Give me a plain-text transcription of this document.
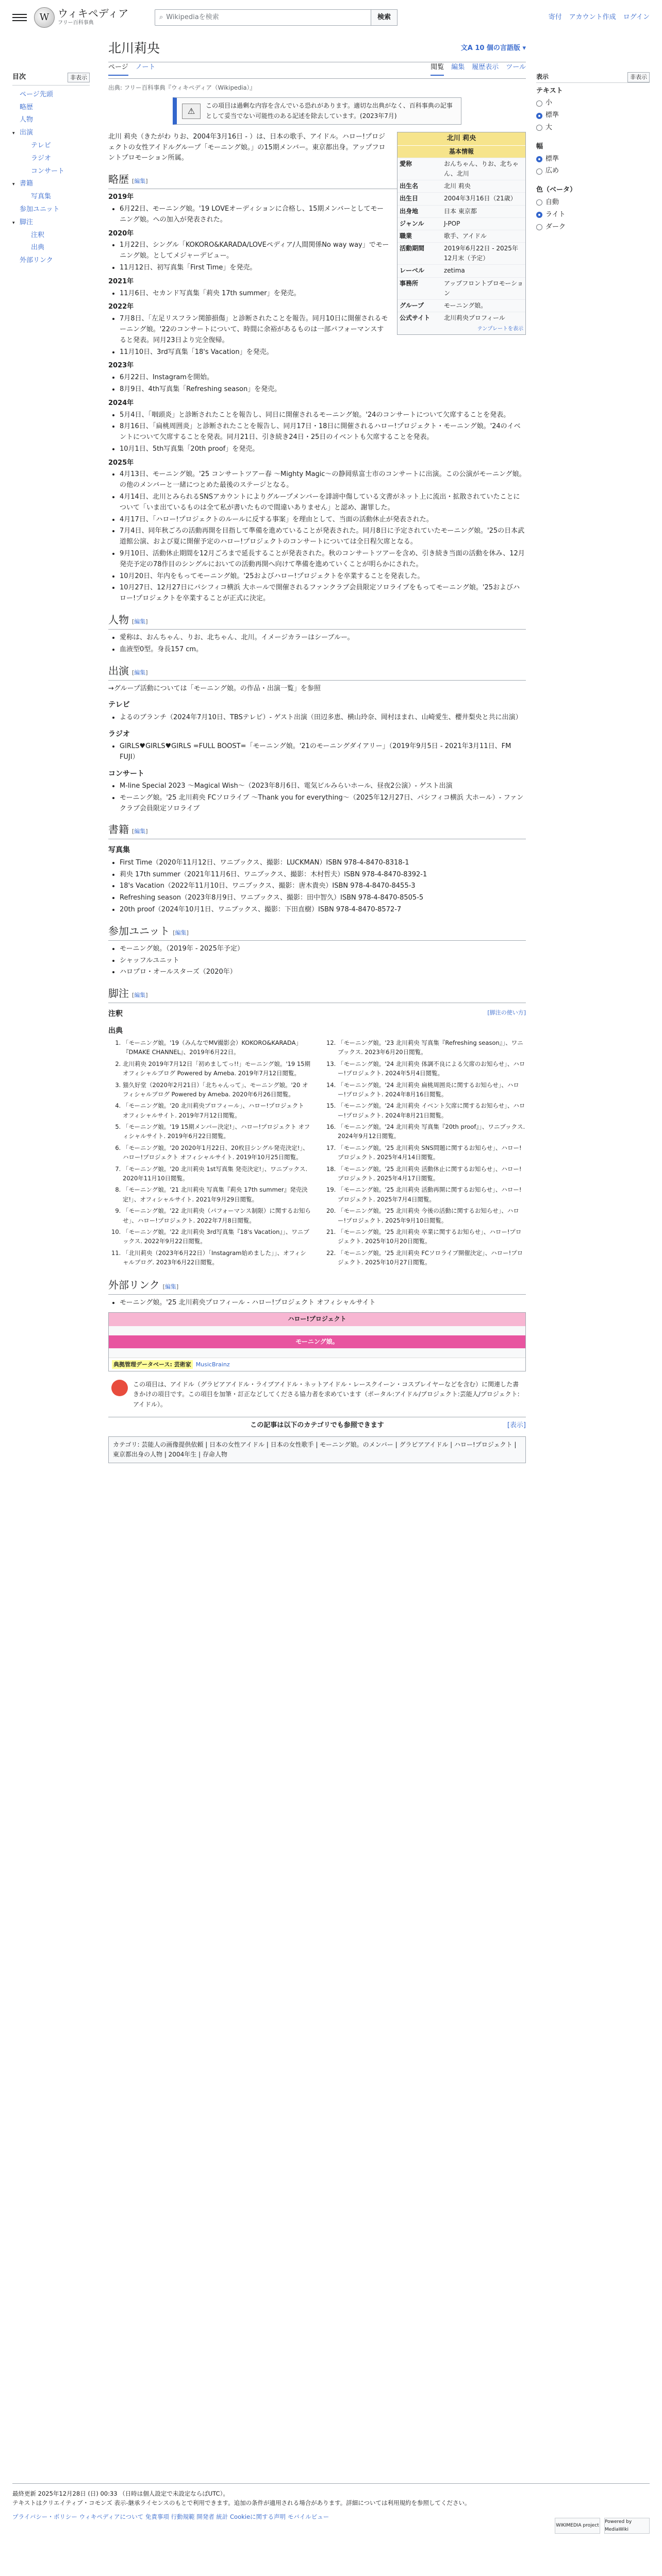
W ウィキペディア
フリー百科事典
⌕ Wikipediaを検索	検索	寄付 アカウント作成 ログイン
目次	非表示
ページ先頭
略歴
人物
▾ 出演
テレビ
ラジオ
コンサート
▾ 書籍
写真集
参加ユニット
▾ 脚注
注釈
出典
外部リンク
北川莉央	文A 10 個の言語版 ▾
ページ ノート	閲覧 編集 履歴表示 ツール
出典: フリー百科事典『ウィキペディア（Wikipedia）』
⚠
この項目は過剰な内容を含んでいる恐れがあります。適切な出典がなく、百科事典の記事として妥当でない可能性のある記述を除去しています。(2023年7月)
北川 莉央
基本情報
愛称	おんちゃん、りお、北ちゃん、北川
出生名	北川 莉央
出生日	2004年3月16日（21歳）
出身地	日本 東京都
ジャンル	J-POP
職業	歌手、アイドル
活動期間	2019年6月22日 - 2025年12月末（予定）
レーベル	zetima
事務所	アップフロントプロモーション
グループ	モーニング娘。
公式サイト	北川莉央プロフィール
テンプレートを表示

北川 莉央（きたがわ りお、2004年3月16日 - ）は、日本の歌手、アイドル。ハロー!プロジェクトの女性アイドルグループ「モーニング娘。」の15期メンバー。東京都出身。アップフロントプロモーション所属。

略歴 [編集]
2019年
• 6月22日、モーニング娘。'19 LOVEオーディションに合格し、15期メンバーとしてモーニング娘。への加入が発表された。
2020年
• 1月22日、シングル「KOKORO&KARADA/LOVEペディア/人間関係No way way」でモーニング娘。としてメジャーデビュー。
• 11月12日、初写真集「First Time」を発売。
2021年
• 11月6日、セカンド写真集「莉央 17th summer」を発売。
2022年
• 7月8日、「左足リスフラン関節損傷」と診断されたことを報告。同月10日に開催されるモーニング娘。'22のコンサートについて、時間に余裕があるものは一部パフォーマンスすると発表。同月23日より完全復帰。
• 11月10日、3rd写真集「18's Vacation」を発売。
2023年
• 6月22日、Instagramを開始。
• 8月9日、4th写真集「Refreshing season」を発売。
2024年
• 5月4日、「咽頭炎」と診断されたことを報告し、同日に開催されるモーニング娘。'24のコンサートについて欠席することを発表。
• 8月16日、「扁桃周囲炎」と診断されたことを報告し、同月17日・18日に開催されるハロー!プロジェクト・モーニング娘。'24のイベントについて欠席することを発表。同月21日、引き続き24日・25日のイベントも欠席することを発表。
• 10月1日、5th写真集「20th proof」を発売。
2025年
• 4月13日、モーニング娘。'25 コンサートツアー春 〜Mighty Magic〜の静岡県富士市のコンサートに出演。この公演がモーニング娘。の他のメンバーと一緒につとめた最後のステージとなる。
• 4月14日、北川とみられるSNSアカウントによりグループメンバーを誹謗中傷している文書がネット上に流出・拡散されていたことについて「いま出ているものは全て私が書いたもので間違いありません」と認め、謝罪した。
• 4月17日、「ハロー!プロジェクトのルールに反する事案」を理由として、当面の活動休止が発表された。
• 7月4日、同年秋ごろの活動再開を目指して準備を進めていることが発表された。同月8日に予定されていたモーニング娘。'25の日本武道館公演、および夏に開催予定のハロー!プロジェクトのコンサートについては全日程欠席となる。
• 9月10日、活動休止期間を12月ごろまで延長することが発表された。秋のコンサートツアーを含め、引き続き当面の活動を休み、12月発売予定の78作目のシングルにおいての活動再開へ向けて準備を進めていくことが明らかにされた。
• 10月20日、年内をもってモーニング娘。'25およびハロー!プロジェクトを卒業することを発表した。
• 10月27日、12月27日にパシフィコ横浜 大ホールで開催されるファンクラブ会員限定ソロライブをもってモーニング娘。'25およびハロー!プロジェクトを卒業することが正式に決定。
人物 [編集]
• 愛称は、おんちゃん、りお、北ちゃん、北川。イメージカラーはシーブルー。
• 血液型0型。身長157 cm。
出演 [編集]

→グループ活動については「モーニング娘。の作品・出演一覧」を参照

テレビ
• よるのブランチ（2024年7月10日、TBSテレビ）- ゲスト出演（田辺多恵、横山玲奈、岡村ほまれ、山崎愛生、櫻井梨央と共に出演）
ラジオ
• GIRLS♥GIRLS♥GIRLS =FULL BOOST=「モーニング娘。'21のモーニングダイアリー」（2019年9月5日 - 2021年3月11日、FM FUJI）
コンサート
• M-line Special 2023 〜Magical Wish〜（2023年8月6日、電気ビルみらいホール、昼夜2公演）- ゲスト出演
• モーニング娘。'25 北川莉央 FCソロライブ 〜Thank you for everything〜（2025年12月27日、パシフィコ横浜 大ホール）- ファンクラブ会員限定ソロライブ
書籍 [編集]
写真集
• First Time（2020年11月12日、ワニブックス、撮影：LUCKMAN）ISBN 978-4-8470-8318-1
• 莉央 17th summer（2021年11月6日、ワニブックス、撮影：木村哲夫）ISBN 978-4-8470-8392-1
• 18's Vacation（2022年11月10日、ワニブックス、撮影：唐木貴央）ISBN 978-4-8470-8455-3
• Refreshing season（2023年8月9日、ワニブックス、撮影：田中智久）ISBN 978-4-8470-8505-5
• 20th proof（2024年10月1日、ワニブックス、撮影：下田直樹）ISBN 978-4-8470-8572-7
参加ユニット [編集]
• モーニング娘。（2019年 - 2025年予定）
• シャッフルユニット
• ハロプロ・オールスターズ（2020年）
脚注 [編集]
注釈	[脚注の使い方]
出典
1. 「モーニング娘。'19（みんなでMV撮影会）KOKORO&KARADA」『DMAKE CHANNEL』、2019年6月22日。
2. 北川莉央 2019年7月12日「初めましてっ!!」モーニング娘。'19 15期オフィシャルブログ Powered by Ameba. 2019年7月12日閲覧。
3. 猫久好堂（2020年2月21日）「北ちゃんって」、モーニング娘。'20 オフィシャルブログ Powered by Ameba. 2020年6月26日閲覧。
4. 「モーニング娘。'20 北川莉央プロフィール」、ハロー!プロジェクト オフィシャルサイト. 2019年7月12日閲覧。
5. 「モーニング娘。'19 15期メンバー決定!」、ハロー!プロジェクト オフィシャルサイト. 2019年6月22日閲覧。
6. 「モーニング娘。'20 2020年1月22日、20枚目シングル発売決定!」、ハロー!プロジェクト オフィシャルサイト. 2019年10月25日閲覧。
7. 「モーニング娘。'20 北川莉央 1st写真集 発売決定!」、ワニブックス. 2020年11月10日閲覧。
8. 「モーニング娘。'21 北川莉央 写真集『莉央 17th summer』発売決定!」、オフィシャルサイト. 2021年9月29日閲覧。
9. 「モーニング娘。'22 北川莉央（パフォーマンス制限）に関するお知らせ」、ハロー!プロジェクト. 2022年7月8日閲覧。
10. 「モーニング娘。'22 北川莉央 3rd写真集『18's Vacation』」、ワニブックス. 2022年9月22日閲覧。
11. 「北川莉央（2023年6月22日）「Instagram始めました」」、オフィシャルブログ. 2023年6月22日閲覧。
12. 「モーニング娘。'23 北川莉央 写真集『Refreshing season』」、ワニブックス. 2023年6月20日閲覧。
13. 「モーニング娘。'24 北川莉央 体調不良による欠席のお知らせ」、ハロー!プロジェクト. 2024年5月4日閲覧。
14. 「モーニング娘。'24 北川莉央 扁桃周囲炎に関するお知らせ」、ハロー!プロジェクト. 2024年8月16日閲覧。
15. 「モーニング娘。'24 北川莉央 イベント欠席に関するお知らせ」、ハロー!プロジェクト. 2024年8月21日閲覧。
16. 「モーニング娘。'24 北川莉央 写真集『20th proof』」、ワニブックス. 2024年9月12日閲覧。
17. 「モーニング娘。'25 北川莉央 SNS問題に関するお知らせ」、ハロー!プロジェクト. 2025年4月14日閲覧。
18. 「モーニング娘。'25 北川莉央 活動休止に関するお知らせ」、ハロー!プロジェクト. 2025年4月17日閲覧。
19. 「モーニング娘。'25 北川莉央 活動再開に関するお知らせ」、ハロー!プロジェクト. 2025年7月4日閲覧。
20. 「モーニング娘。'25 北川莉央 今後の活動に関するお知らせ」、ハロー!プロジェクト. 2025年9月10日閲覧。
21. 「モーニング娘。'25 北川莉央 卒業に関するお知らせ」、ハロー!プロジェクト. 2025年10月20日閲覧。
22. 「モーニング娘。'25 北川莉央 FCソロライブ開催決定」、ハロー!プロジェクト. 2025年10月27日閲覧。
外部リンク [編集]
• モーニング娘。'25 北川莉央プロフィール - ハロー!プロジェクト オフィシャルサイト
ハロー!プロジェクト
モーニング娘。
典拠管理データベース: 芸術家 MusicBrainz
この項目は、アイドル（グラビアアイドル・ライブアイドル・ネットアイドル・レースクイーン・コスプレイヤーなどを含む）に関連した書きかけの項目です。この項目を加筆・訂正などしてくださる協力者を求めています（ポータル:アイドル/プロジェクト:芸能人/プロジェクト:アイドル）。
この記事は以下のカテゴリでも参照できます	[表示]
カテゴリ: 芸能人の画像提供依頼 | 日本の女性アイドル | 日本の女性歌手 | モーニング娘。のメンバー | グラビアアイドル | ハロー!プロジェクト | 東京都出身の人物 | 2004年生 | 存命人物
表示	非表示
テキスト
小
標準
大
幅
標準
広め
色（ベータ）
自動
ライト
ダーク
最終更新 2025年12月28日 (日) 00:33 （日時は個人設定で未設定ならばUTC）。
テキストはクリエイティブ・コモンズ 表示-継承ライセンスのもとで利用できます。追加の条件が適用される場合があります。詳細については利用規約を参照してください。
プライバシー・ポリシー ウィキペディアについて 免責事項 行動規範 開発者 統計 Cookieに関する声明 モバイルビュー
WIKIMEDIA project
Powered by MediaWiki
